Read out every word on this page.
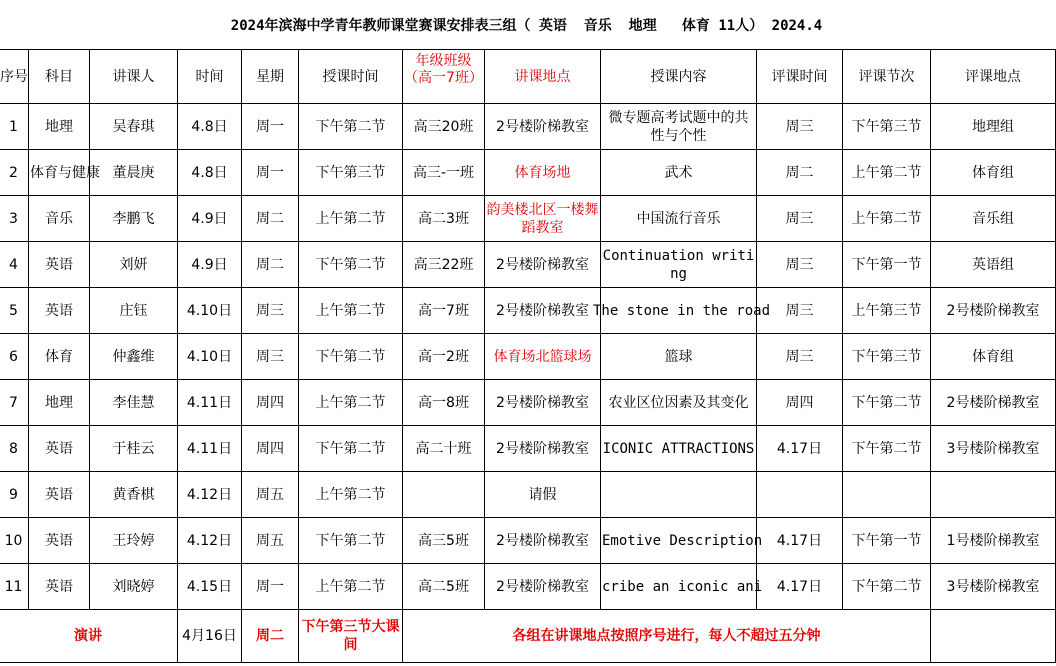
2024年滨海中学青年教师课堂赛课安排表三组（ 英语  音乐  地理   体育 11人） 2024.4
序号	科目	讲课人	时间	星期	授课时间	年级班级（高一7班）	讲课地点	授课内容	评课时间	评课节次	评课地点
1	地理	吴春琪	4.8日	周一	下午第二节	高三20班	2号楼阶梯教室	微专题高考试题中的共性与个性	周三	下午第三节	地理组
2	体育与健康	董晨庚	4.8日	周一	下午第三节	高三-一班	体育场地	武术	周二	上午第二节	体育组
3	音乐	李鹏飞	4.9日	周二	上午第二节	高二3班	韵美楼北区一楼舞蹈教室	中国流行音乐	周三	上午第二节	音乐组
4	英语	刘妍	4.9日	周二	下午第二节	高三22班	2号楼阶梯教室	Continuation writing	周三	下午第一节	英语组
5	英语	庄钰	4.10日	周三	上午第二节	高一7班	2号楼阶梯教室	The stone in the road	周三	上午第三节	2号楼阶梯教室
6	体育	仲鑫维	4.10日	周三	下午第二节	高一2班	体育场北篮球场	篮球	周三	下午第三节	体育组
7	地理	李佳慧	4.11日	周四	上午第二节	高一8班	2号楼阶梯教室	农业区位因素及其变化	周四	下午第二节	2号楼阶梯教室
8	英语	于桂云	4.11日	周四	下午第二节	高二十班	2号楼阶梯教室	ICONIC ATTRACTIONS	4.17日	下午第二节	3号楼阶梯教室
9	英语	黄香棋	4.12日	周五	上午第二节		请假				
10	英语	王玲婷	4.12日	周五	下午第二节	高三5班	2号楼阶梯教室	Emotive Description	4.17日	下午第一节	1号楼阶梯教室
11	英语	刘晓婷	4.15日	周一	上午第二节	高二5班	2号楼阶梯教室	cribe an iconic ani	4.17日	下午第二节	3号楼阶梯教室
演讲			4月16日	周二	下午第三节大课间	各组在讲课地点按照序号进行，每人不超过五分钟					
